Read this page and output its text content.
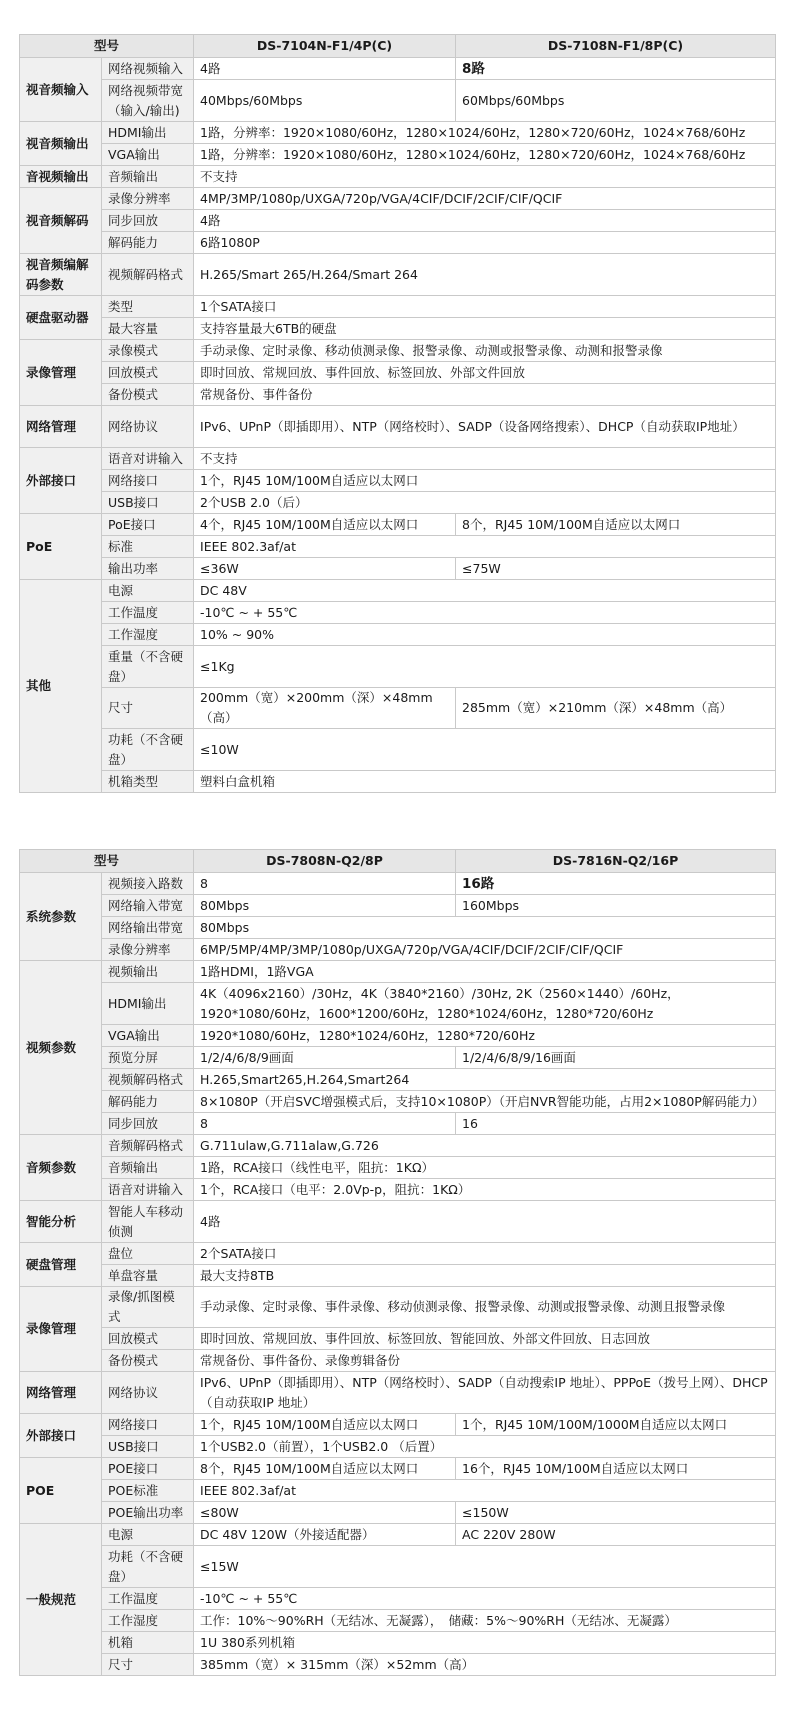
型号		DS-7104N-F1/4P(C)	DS-7108N-F1/8P(C)
视音频输入	网络视频输入	4路	8路
	网络视频带宽（输入/输出)	40Mbps/60Mbps	60Mbps/60Mbps
视音频输出	HDMI输出	1路，分辨率：1920×1080/60Hz，1280×1024/60Hz，1280×720/60Hz，1024×768/60Hz	
	VGA输出	1路，分辨率：1920×1080/60Hz，1280×1024/60Hz，1280×720/60Hz，1024×768/60Hz	
音视频输出	音频输出	不支持	
视音频解码	录像分辨率	4MP/3MP/1080p/UXGA/720p/VGA/4CIF/DCIF/2CIF/CIF/QCIF	
	同步回放	4路	
	解码能力	6路1080P	
视音频编解码参数	视频解码格式	H.265/Smart 265/H.264/Smart 264	
硬盘驱动器	类型	1个SATA接口	
	最大容量	支持容量最大6TB的硬盘	
录像管理	录像模式	手动录像、定时录像、移动侦测录像、报警录像、动测或报警录像、动测和报警录像	
	回放模式	即时回放、常规回放、事件回放、标签回放、外部文件回放	
	备份模式	常规备份、事件备份	
网络管理	网络协议	IPv6、UPnP（即插即用）、NTP（网络校时）、SADP（设备网络搜索）、DHCP（自动获取IP地址）	
外部接口	语音对讲输入	不支持	
	网络接口	1个，RJ45 10M/100M自适应以太网口	
	USB接口	2个USB 2.0（后）	
PoE	PoE接口	4个，RJ45 10M/100M自适应以太网口	8个，RJ45 10M/100M自适应以太网口
	标准	IEEE 802.3af/at	
	输出功率	≤36W	≤75W
其他	电源	DC 48V	
	工作温度	-10℃ ~ + 55℃	
	工作湿度	10% ~ 90%	
	重量（不含硬盘）	≤1Kg	
	尺寸	200mm（宽）×200mm（深）×48mm（高）	285mm（宽）×210mm（深）×48mm（高）
	功耗（不含硬盘）	≤10W	
	机箱类型	塑料白盒机箱	
型号		DS-7808N-Q2/8P	DS-7816N-Q2/16P
系统参数	视频接入路数	8	16路
	网络输入带宽	80Mbps	160Mbps
	网络输出带宽	80Mbps	
	录像分辨率	6MP/5MP/4MP/3MP/1080p/UXGA/720p/VGA/4CIF/DCIF/2CIF/CIF/QCIF	
视频参数	视频输出	1路HDMI，1路VGA	
	HDMI输出	4K（4096x2160）/30Hz，4K（3840*2160）/30Hz, 2K（2560×1440）/60Hz，1920*1080/60Hz，1600*1200/60Hz，1280*1024/60Hz，1280*720/60Hz	
	VGA输出	1920*1080/60Hz，1280*1024/60Hz，1280*720/60Hz	
	预览分屏	1/2/4/6/8/9画面	1/2/4/6/8/9/16画面
	视频解码格式	H.265,Smart265,H.264,Smart264	
	解码能力	8×1080P（开启SVC增强模式后，支持10×1080P）（开启NVR智能功能，占用2×1080P解码能力）	
	同步回放	8	16
音频参数	音频解码格式	G.711ulaw,G.711alaw,G.726	
	音频输出	1路，RCA接口（线性电平，阻抗：1KΩ）	
	语音对讲输入	1个，RCA接口（电平：2.0Vp-p，阻抗：1KΩ）	
智能分析	智能人车移动侦测	4路	
硬盘管理	盘位	2个SATA接口	
	单盘容量	最大支持8TB	
录像管理	录像/抓图模式	手动录像、定时录像、事件录像、移动侦测录像、报警录像、动测或报警录像、动测且报警录像	
	回放模式	即时回放、常规回放、事件回放、标签回放、智能回放、外部文件回放、日志回放	
	备份模式	常规备份、事件备份、录像剪辑备份	
网络管理	网络协议	IPv6、UPnP（即插即用）、NTP（网络校时）、SADP（自动搜索IP 地址）、PPPoE（拨号上网）、DHCP（自动获取IP 地址）	
外部接口	网络接口	1个，RJ45 10M/100M自适应以太网口	1个，RJ45 10M/100M/1000M自适应以太网口
	USB接口	1个USB2.0（前置），1个USB2.0 （后置）	
POE	POE接口	8个，RJ45 10M/100M自适应以太网口	16个，RJ45 10M/100M自适应以太网口
	POE标准	IEEE 802.3af/at	
	POE输出功率	≤80W	≤150W
一般规范	电源	DC 48V 120W（外接适配器）	AC 220V 280W
	功耗（不含硬盘）	≤15W	
	工作温度	-10℃ ~ + 55℃	
	工作湿度	工作：10%～90%RH（无结冰、无凝露），　储藏：5%～90%RH（无结冰、无凝露）	
	机箱	1U 380系列机箱	
	尺寸	385mm（宽）× 315mm（深）×52mm（高）	
